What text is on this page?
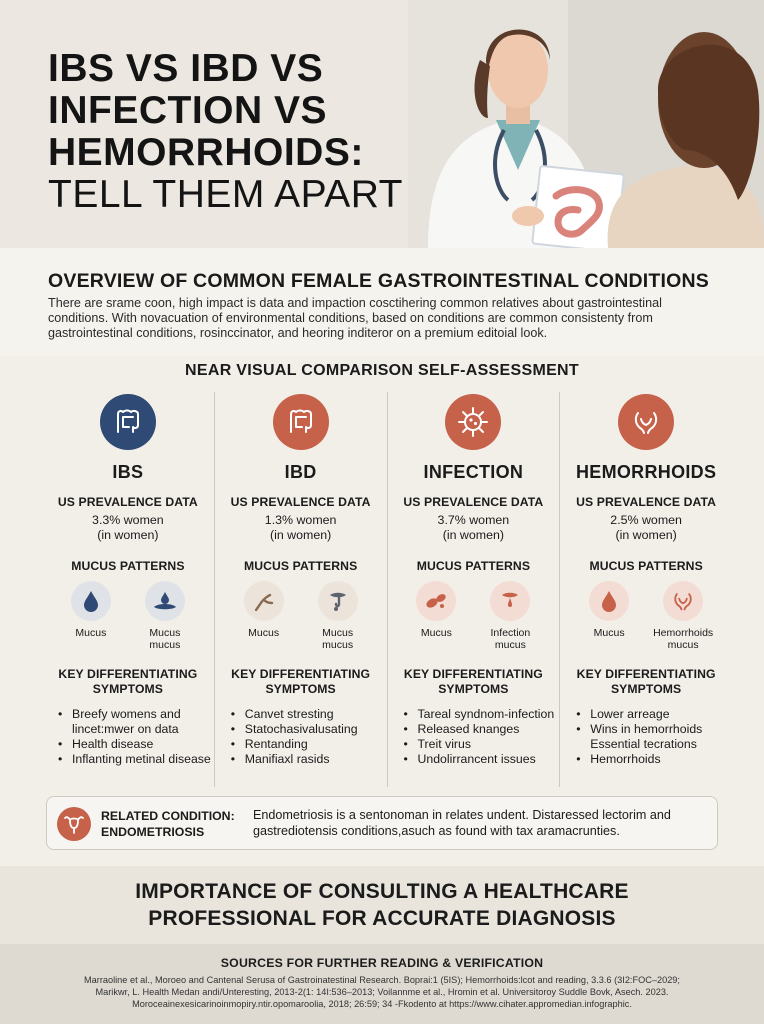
IBS VS IBD VS
INFECTION VS
HEMORRHOIDS:
TELL THEM APART
OVERVIEW OF COMMON FEMALE GASTROINTESTINAL CONDITIONS
There are srame coon, high impact is data and impaction cosctihering common relatives about gastrointestinal conditions. With novacuation of environmental conditions, based on conditions are common consistenty from gastrointestinal conditions, rosinccinator, and heoring inditeror on a premium editoial look.
NEAR VISUAL COMPARISON SELF-ASSESSMENT
IBS
US PREVALENCE DATA
3.3% women
(in women)
MUCUS PATTERNS
Mucus	Mucus mucus
KEY DIFFERENTIATING SYMPTOMS
• Breefy womens and lincet:mwer on data
• Health disease
• Inflanting metinal disease
IBD
US PREVALENCE DATA
1.3% women
(in women)
MUCUS PATTERNS
Mucus	Mucus mucus
KEY DIFFERENTIATING SYMPTOMS
• Canvet stresting
• Statochasivalusating
• Rentanding
• Manifiaxl rasids
INFECTION
US PREVALENCE DATA
3.7% women
(in women)
MUCUS PATTERNS
Mucus	Infection mucus
KEY DIFFERENTIATING SYMPTOMS
• Tareal syndnom-infection
• Released knanges
• Treit virus
• Undolirrancent issues
HEMORRHOIDS
US PREVALENCE DATA
2.5% women
(in women)
MUCUS PATTERNS
Mucus	Hemorrhoids mucus
KEY DIFFERENTIATING SYMPTOMS
• Lower arreage
• Wins in hemorrhoids Essential tecrations
• Hemorrhoids
RELATED CONDITION:
ENDOMETRIOSIS
Endometriosis is a sentonoman in relates undent. Distaressed lectorim and gastrediotensis conditions,asuch as found with tax aramacrunties.
IMPORTANCE OF CONSULTING A HEALTHCARE
PROFESSIONAL FOR ACCURATE DIAGNOSIS
SOURCES FOR FURTHER READING & VERIFICATION
Marraoline et al., Moroeo and Cantenal Serusa of Gastroinatestinal Research. Boprai:1 (5IS); Hemorrhoids:lcot and reading, 3.3.6 (3I2:FOC–2029;
Marikwr, L. Health Medan andi/Unteresting, 2013-2(1: 14I:536–2013; Voilannme et al., Hromin et al. Universitoroy Suddle Bovk, Asech. 2023.
Moroceainexesicarinoinmopiry.ntir.opomaroolia, 2018; 26:59; 34 -Fkodento at https://www.cihater.appromedian.infographic.
